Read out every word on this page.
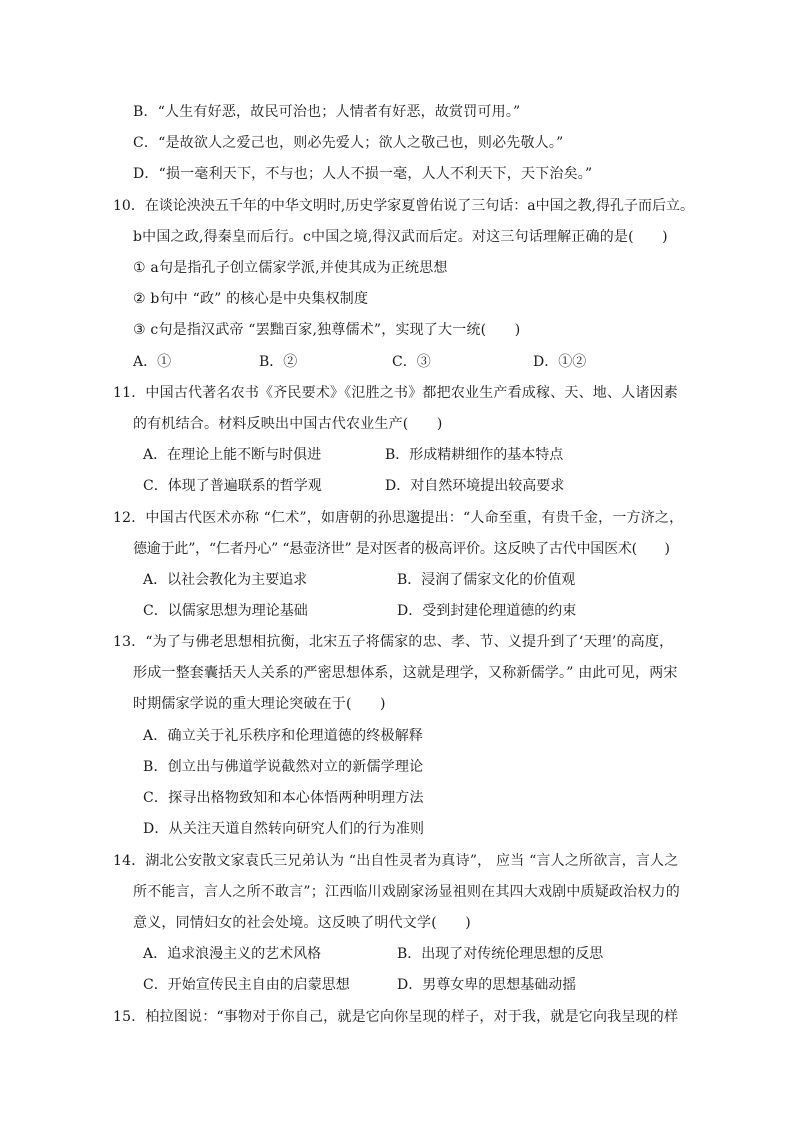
B．“人生有好恶，故民可治也；人情者有好恶，故赏罚可用。”
C．“是故欲人之爱己也，则必先爱人；欲人之敬己也，则必先敬人。”
D．“损一毫利天下，不与也；人人不损一毫，人人不利天下，天下治矣。”
10．在谈论泱泱五千年的中华文明时,历史学家夏曾佑说了三句话：a中国之教,得孔子而后立。
b中国之政,得秦皇而后行。c中国之境,得汉武而后定。对这三句话理解正确的是(　　)
① a句是指孔子创立儒家学派,并使其成为正统思想
② b句中 “政” 的核心是中央集权制度
③ c句是指汉武帝 “罢黜百家,独尊儒术”，实现了大一统(　　)
A．①	B．②	C．③	D．①②
11．中国古代著名农书《齐民要术》《氾胜之书》都把农业生产看成稼、天、地、人诸因素
的有机结合。材料反映出中国古代农业生产(　　)
A．在理论上能不断与时俱进	B．形成精耕细作的基本特点
C．体现了普遍联系的哲学观	D．对自然环境提出较高要求
12．中国古代医术亦称 “仁术”，如唐朝的孙思邈提出：“人命至重，有贵千金，一方济之，
德逾于此”，“仁者丹心” “悬壶济世” 是对医者的极高评价。这反映了古代中国医术(　　)
A．以社会教化为主要追求	B．浸润了儒家文化的价值观
C．以儒家思想为理论基础	D．受到封建伦理道德的约束
13．“为了与佛老思想相抗衡，北宋五子将儒家的忠、孝、节、义提升到了‘天理’的高度，
形成一整套囊括天人关系的严密思想体系，这就是理学，又称新儒学。” 由此可见，两宋
时期儒家学说的重大理论突破在于(　　)
A．确立关于礼乐秩序和伦理道德的终极解释
B．创立出与佛道学说截然对立的新儒学理论
C．探寻出格物致知和本心体悟两种明理方法
D．从关注天道自然转向研究人们的行为准则
14．湖北公安散文家袁氏三兄弟认为 “出自性灵者为真诗”， 应当 “言人之所欲言，言人之
所不能言，言人之所不敢言”；江西临川戏剧家汤显祖则在其四大戏剧中质疑政治权力的
意义，同情妇女的社会处境。这反映了明代文学(　　)
A．追求浪漫主义的艺术风格	B．出现了对传统伦理思想的反思
C．开始宣传民主自由的启蒙思想	D．男尊女卑的思想基础动摇
15．柏拉图说：“事物对于你自己，就是它向你呈现的样子，对于我，就是它向我呈现的样
